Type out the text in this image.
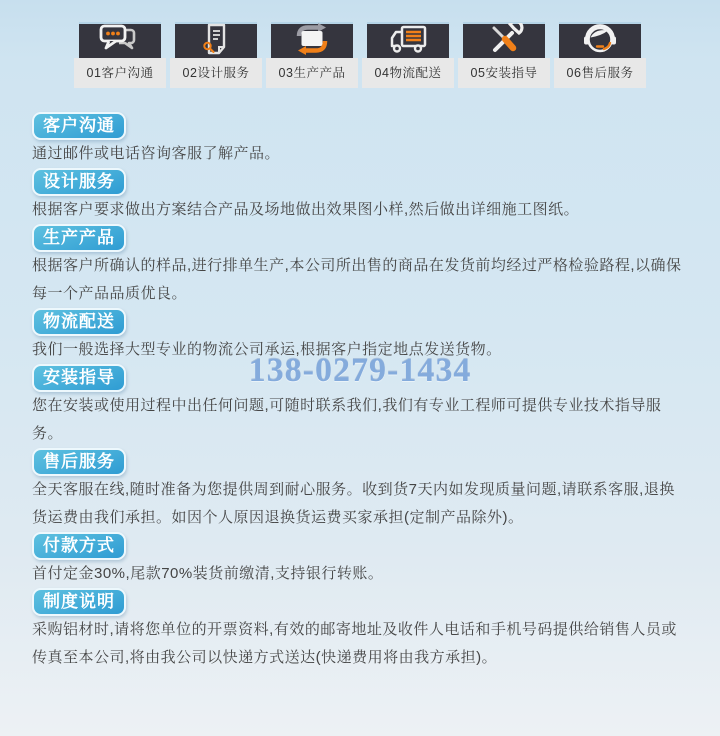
01客户沟通	02设计服务	03生产产品	04物流配送	05安装指导	06售后服务
客户沟通

通过邮件或电话咨询客服了解产品。

设计服务

根据客户要求做出方案结合产品及场地做出效果图小样,然后做出详细施工图纸。

生产产品

根据客户所确认的样品,进行排单生产,本公司所出售的商品在发货前均经过严格检验路程,以确保每一个产品品质优良。

物流配送

我们一般选择大型专业的物流公司承运,根据客户指定地点发送货物。

安装指导

您在安装或使用过程中出任何问题,可随时联系我们,我们有专业工程师可提供专业技术指导服务。

售后服务

全天客服在线,随时准备为您提供周到耐心服务。收到货7天内如发现质量问题,请联系客服,退换货运费由我们承担。如因个人原因退换货运费买家承担(定制产品除外)。

付款方式

首付定金30%,尾款70%装货前缴清,支持银行转账。

制度说明

采购铝材时,请将您单位的开票资料,有效的邮寄地址及收件人电话和手机号码提供给销售人员或传真至本公司,将由我公司以快递方式送达(快递费用将由我方承担)。

138-0279-1434
